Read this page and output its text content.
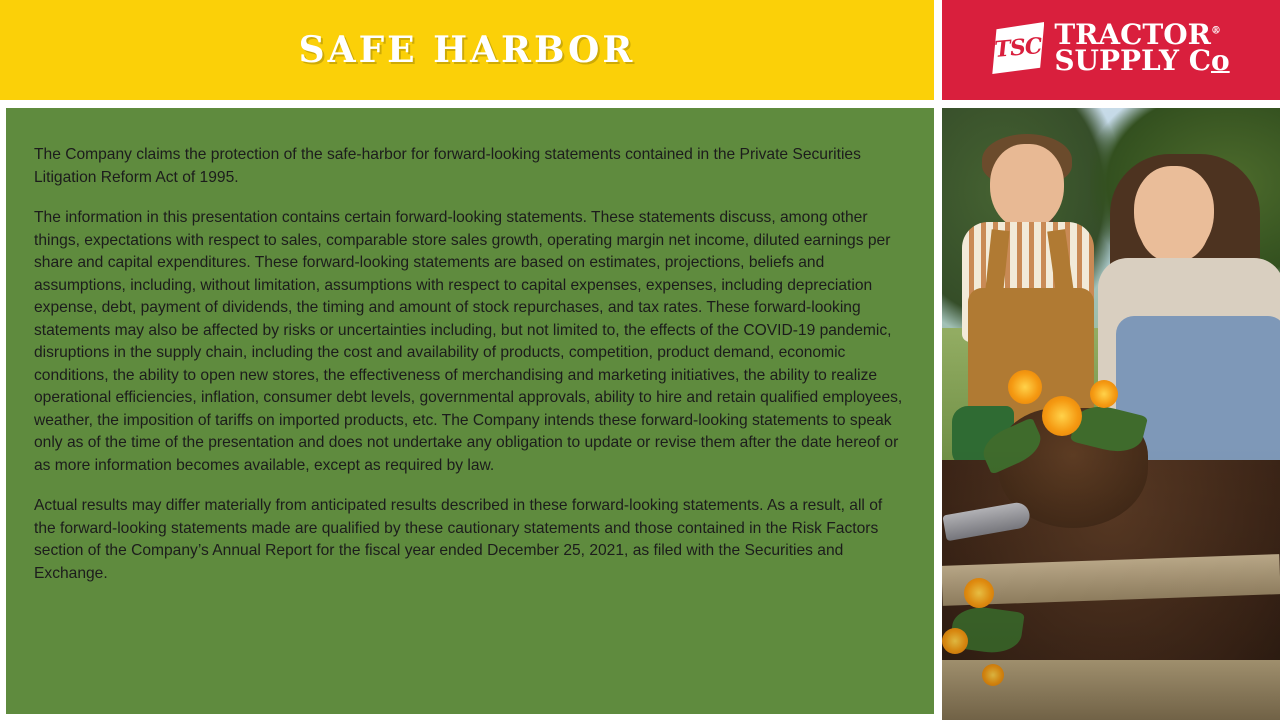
SAFE HARBOR	TSC TRACTOR®
SUPPLY Co

The Company claims the protection of the safe-harbor for forward-looking statements contained in the Private Securities Litigation Reform Act of 1995.

The information in this presentation contains certain forward-looking statements. These statements discuss, among other things, expectations with respect to sales, comparable store sales growth, operating margin net income, diluted earnings per share and capital expenditures. These forward-looking statements are based on estimates, projections, beliefs and assumptions, including, without limitation, assumptions with respect to capital expenses, expenses, including depreciation expense, debt, payment of dividends, the timing and amount of stock repurchases, and tax rates. These forward-looking statements may also be affected by risks or uncertainties including, but not limited to, the effects of the COVID-19 pandemic, disruptions in the supply chain, including the cost and availability of products, competition, product demand, economic conditions, the ability to open new stores, the effectiveness of merchandising and marketing initiatives, the ability to realize operational efficiencies, inflation, consumer debt levels, governmental approvals, ability to hire and retain qualified employees, weather, the imposition of tariffs on imported products, etc. The Company intends these forward-looking statements to speak only as of the time of the presentation and does not undertake any obligation to update or revise them after the date hereof or as more information becomes available, except as required by law.

Actual results may differ materially from anticipated results described in these forward-looking statements. As a result, all of the forward-looking statements made are qualified by these cautionary statements and those contained in the Risk Factors section of the Company’s Annual Report for the fiscal year ended December 25, 2021, as filed with the Securities and Exchange.
